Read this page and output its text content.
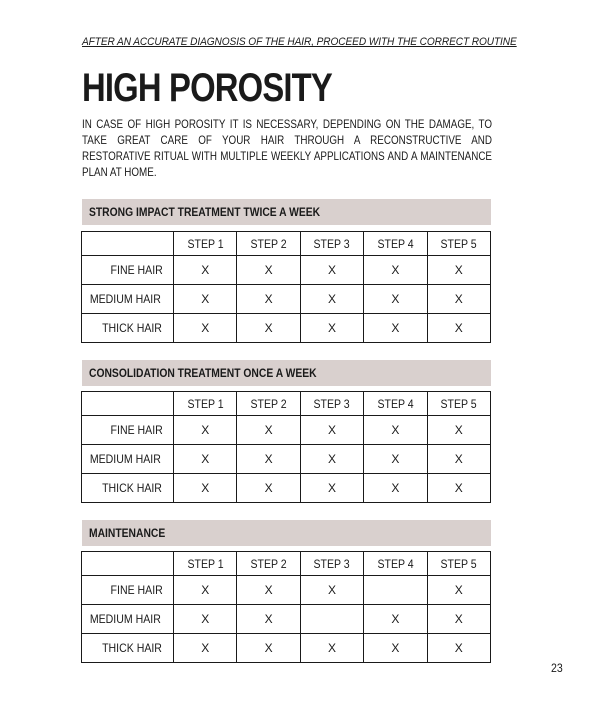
AFTER AN ACCURATE DIAGNOSIS OF THE HAIR, PROCEED WITH THE CORRECT ROUTINE
HIGH POROSITY
IN CASE OF HIGH POROSITY IT IS NECESSARY, DEPENDING ON THE DAMAGE, TO TAKE GREAT CARE OF YOUR HAIR THROUGH A RECONSTRUCTIVE AND RESTORATIVE RITUAL WITH MULTIPLE WEEKLY APPLICATIONS AND A MAINTENANCE PLAN AT HOME.
STRONG IMPACT TREATMENT TWICE A WEEK
	STEP 1	STEP 2	STEP 3	STEP 4	STEP 5
FINE HAIR	X	X	X	X	X
MEDIUM HAIR	X	X	X	X	X
THICK HAIR	X	X	X	X	X
CONSOLIDATION TREATMENT ONCE A WEEK
	STEP 1	STEP 2	STEP 3	STEP 4	STEP 5
FINE HAIR	X	X	X	X	X
MEDIUM HAIR	X	X	X	X	X
THICK HAIR	X	X	X	X	X
MAINTENANCE
	STEP 1	STEP 2	STEP 3	STEP 4	STEP 5
FINE HAIR	X	X	X		X
MEDIUM HAIR	X	X		X	X
THICK HAIR	X	X	X	X	X
23
